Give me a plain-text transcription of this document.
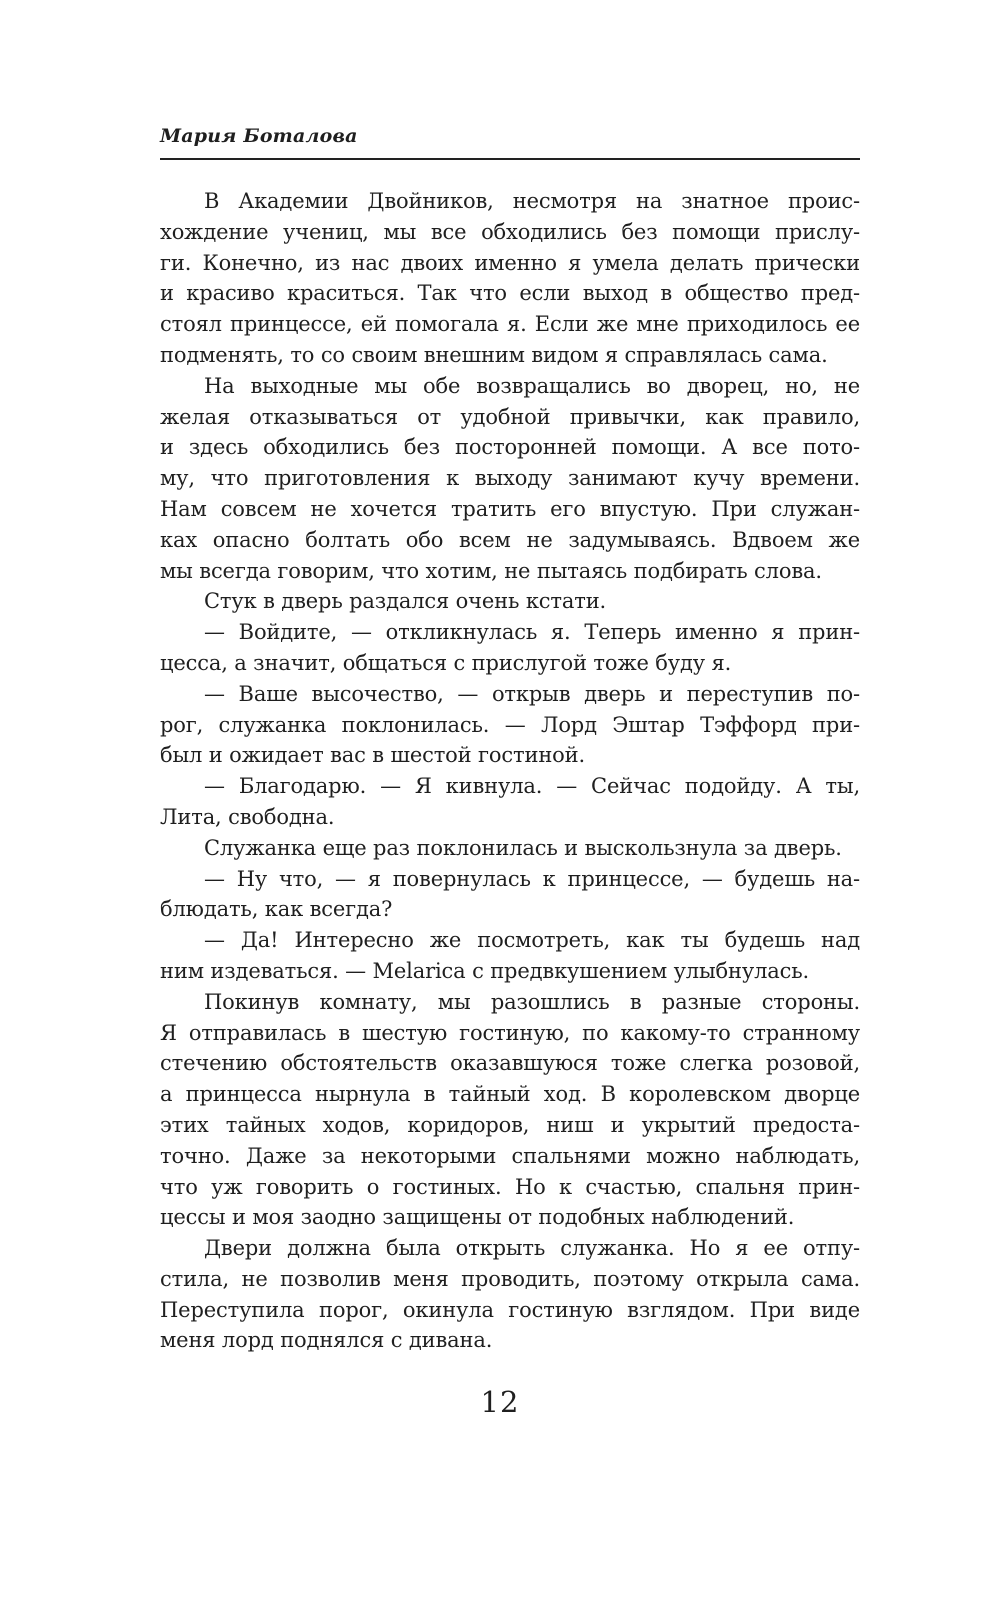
Мария Боталова
В Академии Двойников, несмотря на знатное проис-
хождение учениц, мы все обходились без помощи прислу-
ги. Конечно, из нас двоих именно я умела делать прически
и красиво краситься. Так что если выход в общество пред-
стоял принцессе, ей помогала я. Если же мне приходилось ее
подменять, то со своим внешним видом я справлялась сама.
На выходные мы обе возвращались во дворец, но, не
желая отказываться от удобной привычки, как правило,
и здесь обходились без посторонней помощи. А все пото-
му, что приготовления к выходу занимают кучу времени.
Нам совсем не хочется тратить его впустую. При служан-
ках опасно болтать обо всем не задумываясь. Вдвоем же
мы всегда говорим, что хотим, не пытаясь подбирать слова.
Стук в дверь раздался очень кстати.
— Войдите, — откликнулась я. Теперь именно я прин-
цесса, а значит, общаться с прислугой тоже буду я.
— Ваше высочество, — открыв дверь и переступив по-
рог, служанка поклонилась. — Лорд Эштар Тэффорд при-
был и ожидает вас в шестой гостиной.
— Благодарю. — Я кивнула. — Сейчас подойду. А ты,
Лита, свободна.
Служанка еще раз поклонилась и выскользнула за дверь.
— Ну что, — я повернулась к принцессе, — будешь на-
блюдать, как всегда?
— Да! Интересно же посмотреть, как ты будешь над
ним издеваться. — Melarica с предвкушением улыбнулась.
Покинув комнату, мы разошлись в разные стороны.
Я отправилась в шестую гостиную, по какому-то странному
стечению обстоятельств оказавшуюся тоже слегка розовой,
а принцесса нырнула в тайный ход. В королевском дворце
этих тайных ходов, коридоров, ниш и укрытий предоста-
точно. Даже за некоторыми спальнями можно наблюдать,
что уж говорить о гостиных. Но к счастью, спальня прин-
цессы и моя заодно защищены от подобных наблюдений.
Двери должна была открыть служанка. Но я ее отпу-
стила, не позволив меня проводить, поэтому открыла сама.
Переступила порог, окинула гостиную взглядом. При виде
меня лорд поднялся с дивана.
12
